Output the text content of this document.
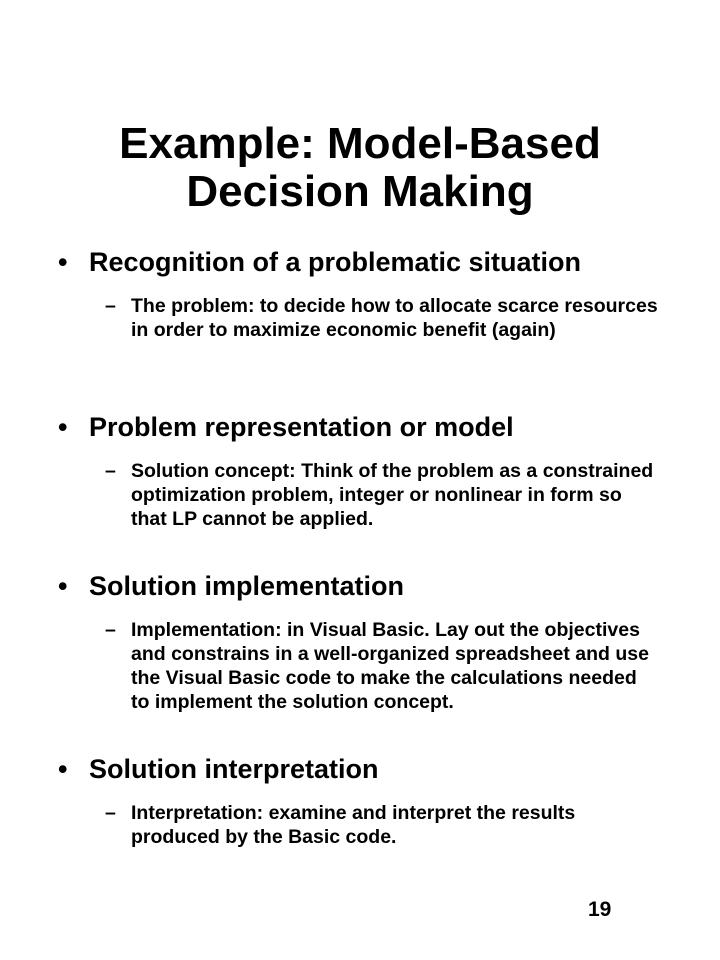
Example: Model-Based
Decision Making
• Recognition of a problematic situation
– The problem: to decide how to allocate scarce resources in order to maximize economic benefit (again)
• Problem representation or model
– Solution concept: Think of the problem as a constrained optimization problem, integer or nonlinear in form so that LP cannot be applied.
• Solution implementation
– Implementation: in Visual Basic. Lay out the objectives and constrains in a well-organized spreadsheet and use the Visual Basic code to make the calculations needed to implement the solution concept.
• Solution interpretation
– Interpretation: examine and interpret the results produced by the Basic code.
19
